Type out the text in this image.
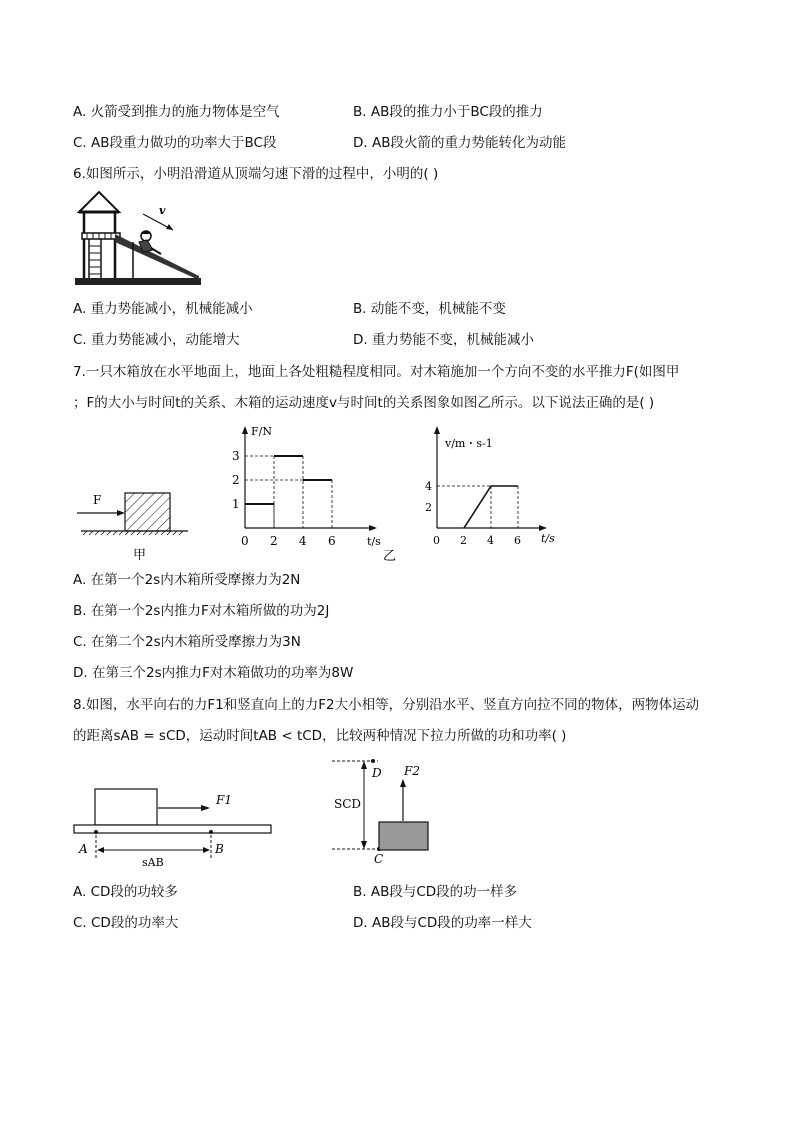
A. 火箭受到推力的施力物体是空气	B. AB段的推力小于BC段的推力
C. AB段重力做功的功率大于BC段	D. AB段火箭的重力势能转化为动能
6.如图所示，小明沿滑道从顶端匀速下滑的过程中，小明的( )
v
A. 重力势能减小，机械能减小	B. 动能不变，机械能不变
C. 重力势能减小，动能增大	D. 重力势能不变，机械能减小
7.一只木箱放在水平地面上，地面上各处粗糙程度相同。对木箱施加一个方向不变的水平推力F(如图甲
；F的大小与时间t的关系、木箱的运动速度v与时间t的关系图象如图乙所示。以下说法正确的是( )
F
甲
F/N
t/s
0 2 4 6
1
2
3
乙
v/m・s-1
t/s
0 2 4 6
2
4
A. 在第一个2s内木箱所受摩擦力为2N
B. 在第一个2s内推力F对木箱所做的功为2J
C. 在第二个2s内木箱所受摩擦力为3N
D. 在第三个2s内推力F对木箱做功的功率为8W
8.如图，水平向右的力F1和竖直向上的力F2大小相等，分别沿水平、竖直方向拉不同的物体，两物体运动
的距离sAB = sCD，运动时间tAB < tCD，比较两种情况下拉力所做的功和功率( )
F1
A	B
sAB
SCD
F2
D
C
A. CD段的功较多	B. AB段与CD段的功一样多
C. CD段的功率大	D. AB段与CD段的功率一样大
